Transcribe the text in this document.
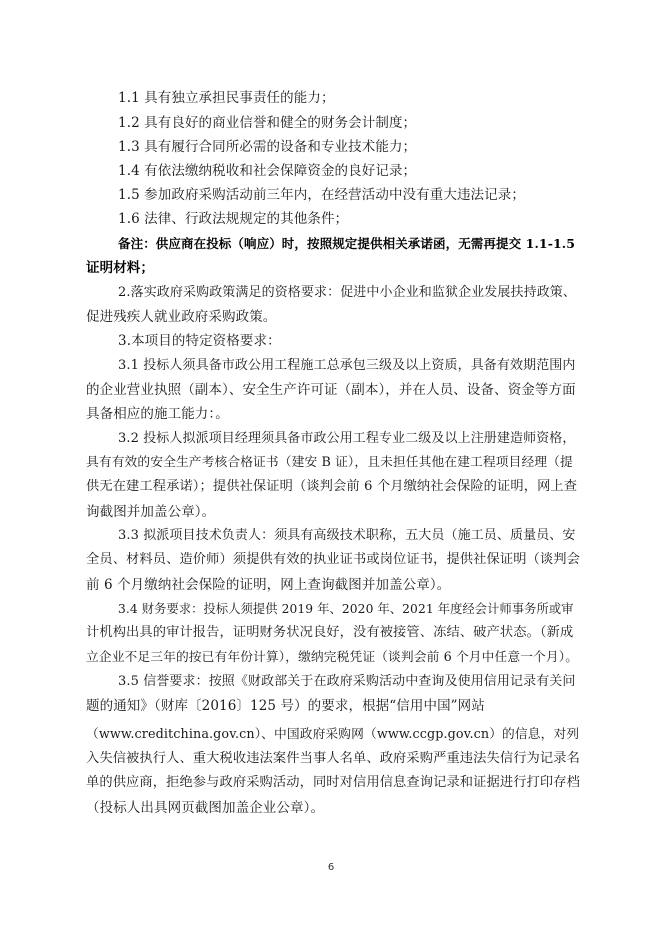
1.1 具有独立承担民事责任的能力；
1.2 具有良好的商业信誉和健全的财务会计制度；
1.3 具有履行合同所必需的设备和专业技术能力；
1.4 有依法缴纳税收和社会保障资金的良好记录；
1.5 参加政府采购活动前三年内，在经营活动中没有重大违法记录；
1.6 法律、行政法规规定的其他条件；
备注：供应商在投标（响应）时，按照规定提供相关承诺函，无需再提交 1.1-1.5
证明材料；
2.落实政府采购政策满足的资格要求：促进中小企业和监狱企业发展扶持政策、
促进残疾人就业政府采购政策。
3.本项目的特定资格要求：
3.1 投标人须具备市政公用工程施工总承包三级及以上资质，具备有效期范围内
的企业营业执照（副本）、安全生产许可证（副本），并在人员、设备、资金等方面
具备相应的施工能力：。
3.2 投标人拟派项目经理须具备市政公用工程专业二级及以上注册建造师资格，
具有有效的安全生产考核合格证书（建安 B 证），且未担任其他在建工程项目经理（提
供无在建工程承诺）；提供社保证明（谈判会前 6 个月缴纳社会保险的证明，网上查
询截图并加盖公章）。
3.3 拟派项目技术负责人：须具有高级技术职称，五大员（施工员、质量员、安
全员、材料员、造价师）须提供有效的执业证书或岗位证书，提供社保证明（谈判会
前 6 个月缴纳社会保险的证明，网上查询截图并加盖公章）。
3.4 财务要求：投标人须提供 2019 年、2020 年、2021 年度经会计师事务所或审
计机构出具的审计报告，证明财务状况良好，没有被接管、冻结、破产状态。（新成
立企业不足三年的按已有年份计算），缴纳完税凭证（谈判会前 6 个月中任意一个月）。
3.5 信誉要求：按照《财政部关于在政府采购活动中查询及使用信用记录有关问
题的通知》（财库〔2016〕125 号）的要求，根据“信用中国”网站
（www.creditchina.gov.cn）、中国政府采购网（www.ccgp.gov.cn）的信息，对列
入失信被执行人、重大税收违法案件当事人名单、政府采购严重违法失信行为记录名
单的供应商，拒绝参与政府采购活动，同时对信用信息查询记录和证据进行打印存档
（投标人出具网页截图加盖企业公章）。
6
